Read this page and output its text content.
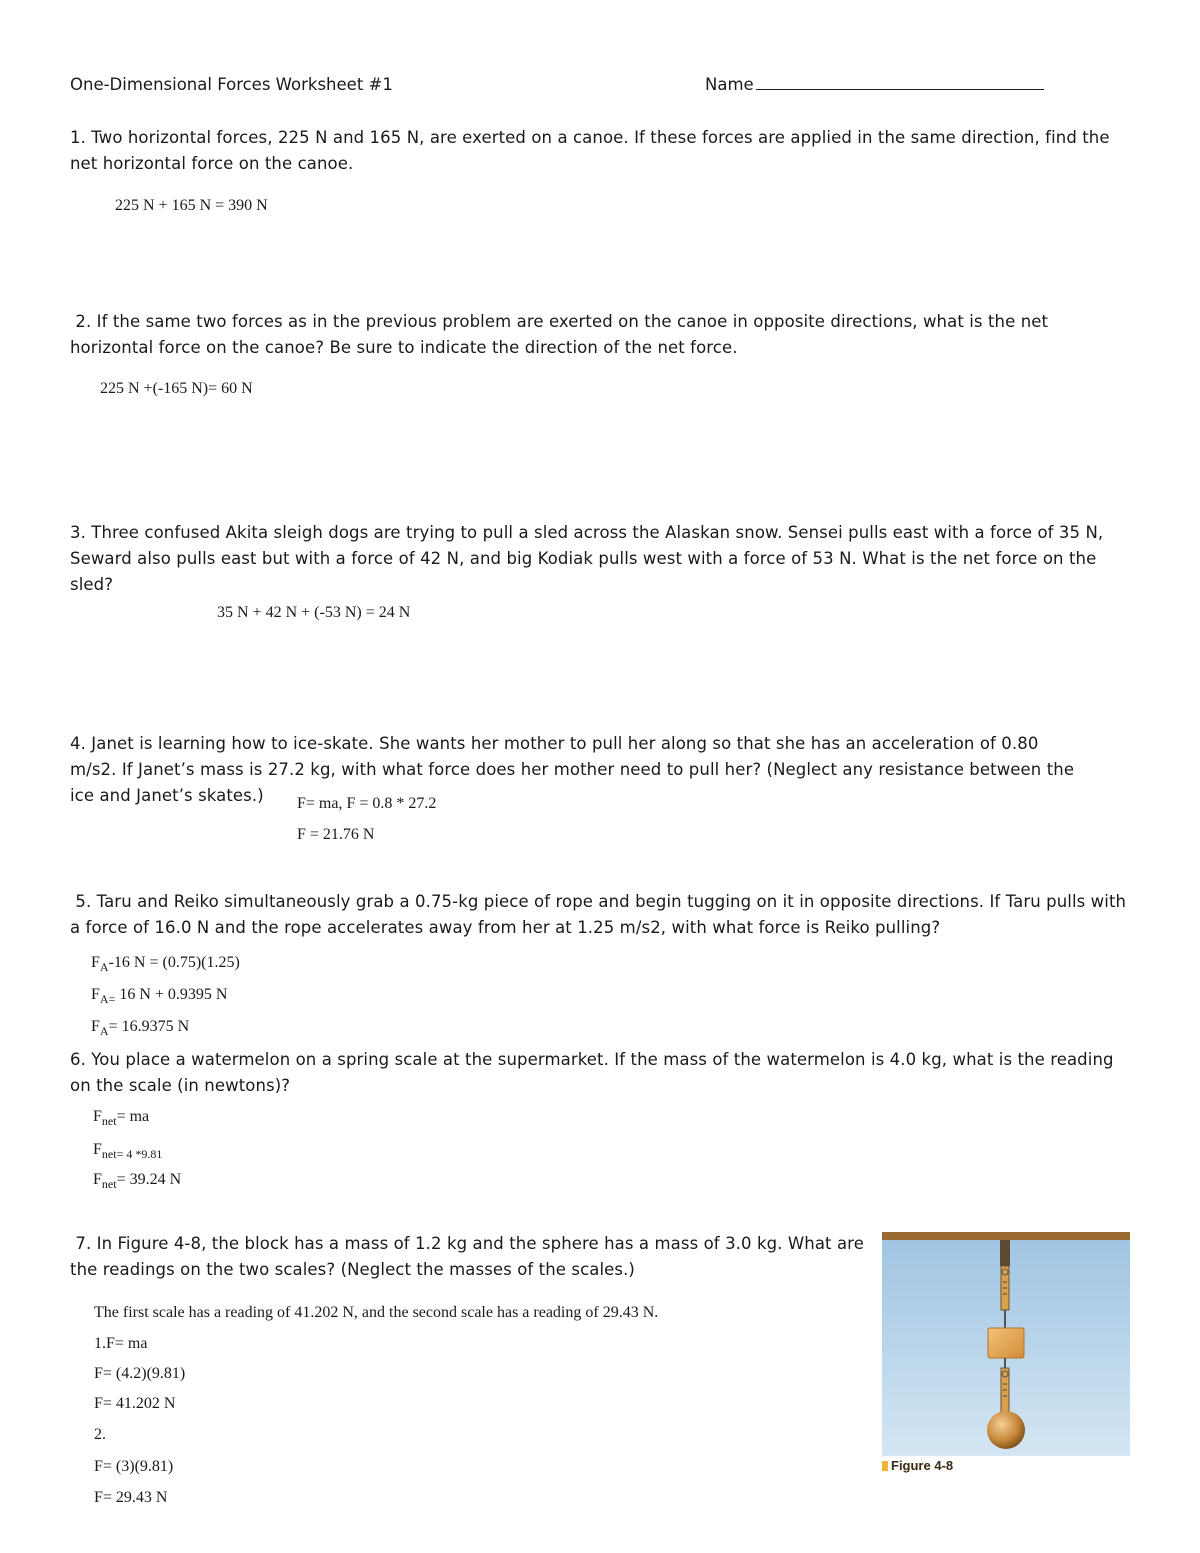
One-Dimensional Forces Worksheet #1	Name
1. Two horizontal forces, 225 N and 165 N, are exerted on a canoe. If these forces are applied in the same direction, find the net horizontal force on the canoe.
225 N + 165 N = 390 N
2. If the same two forces as in the previous problem are exerted on the canoe in opposite directions, what is the net horizontal force on the canoe? Be sure to indicate the direction of the net force.
225 N +(-165 N)= 60 N
3. Three confused Akita sleigh dogs are trying to pull a sled across the Alaskan snow. Sensei pulls east with a force of 35 N, Seward also pulls east but with a force of 42 N, and big Kodiak pulls west with a force of 53 N. What is the net force on the sled?
35 N + 42 N + (-53 N) = 24 N
4. Janet is learning how to ice-skate. She wants her mother to pull her along so that she has an acceleration of 0.80
m/s2. If Janet’s mass is 27.2 kg, with what force does her mother need to pull her? (Neglect any resistance between the
ice and Janet’s skates.) F= ma, F = 0.8 * 27.2
F = 21.76 N
5. Taru and Reiko simultaneously grab a 0.75-kg piece of rope and begin tugging on it in opposite directions. If Taru pulls with a force of 16.0 N and the rope accelerates away from her at 1.25 m/s2, with what force is Reiko pulling?
$F_A-16$ N = (0.75)(1.25)
$F_{A=}$ 16 N + 0.9395 N
$F_A= 16.9375$ N
6. You place a watermelon on a spring scale at the supermarket. If the mass of the watermelon is 4.0 kg, what is the reading on the scale (in newtons)?
$F_{net}=$ ma
$F_{net= 4 *9.81}$
$F_{net}= 39.24$ N
7. In Figure 4-8, the block has a mass of 1.2 kg and the sphere has a mass of 3.0 kg. What are the readings on the two scales? (Neglect the masses of the scales.)
The first scale has a reading of 41.202 N, and the second scale has a reading of 29.43 N.
1.F= ma
F= (4.2)(9.81)
F= 41.202 N
2.
F= (3)(9.81)
F= 29.43 N
Figure 4-8
